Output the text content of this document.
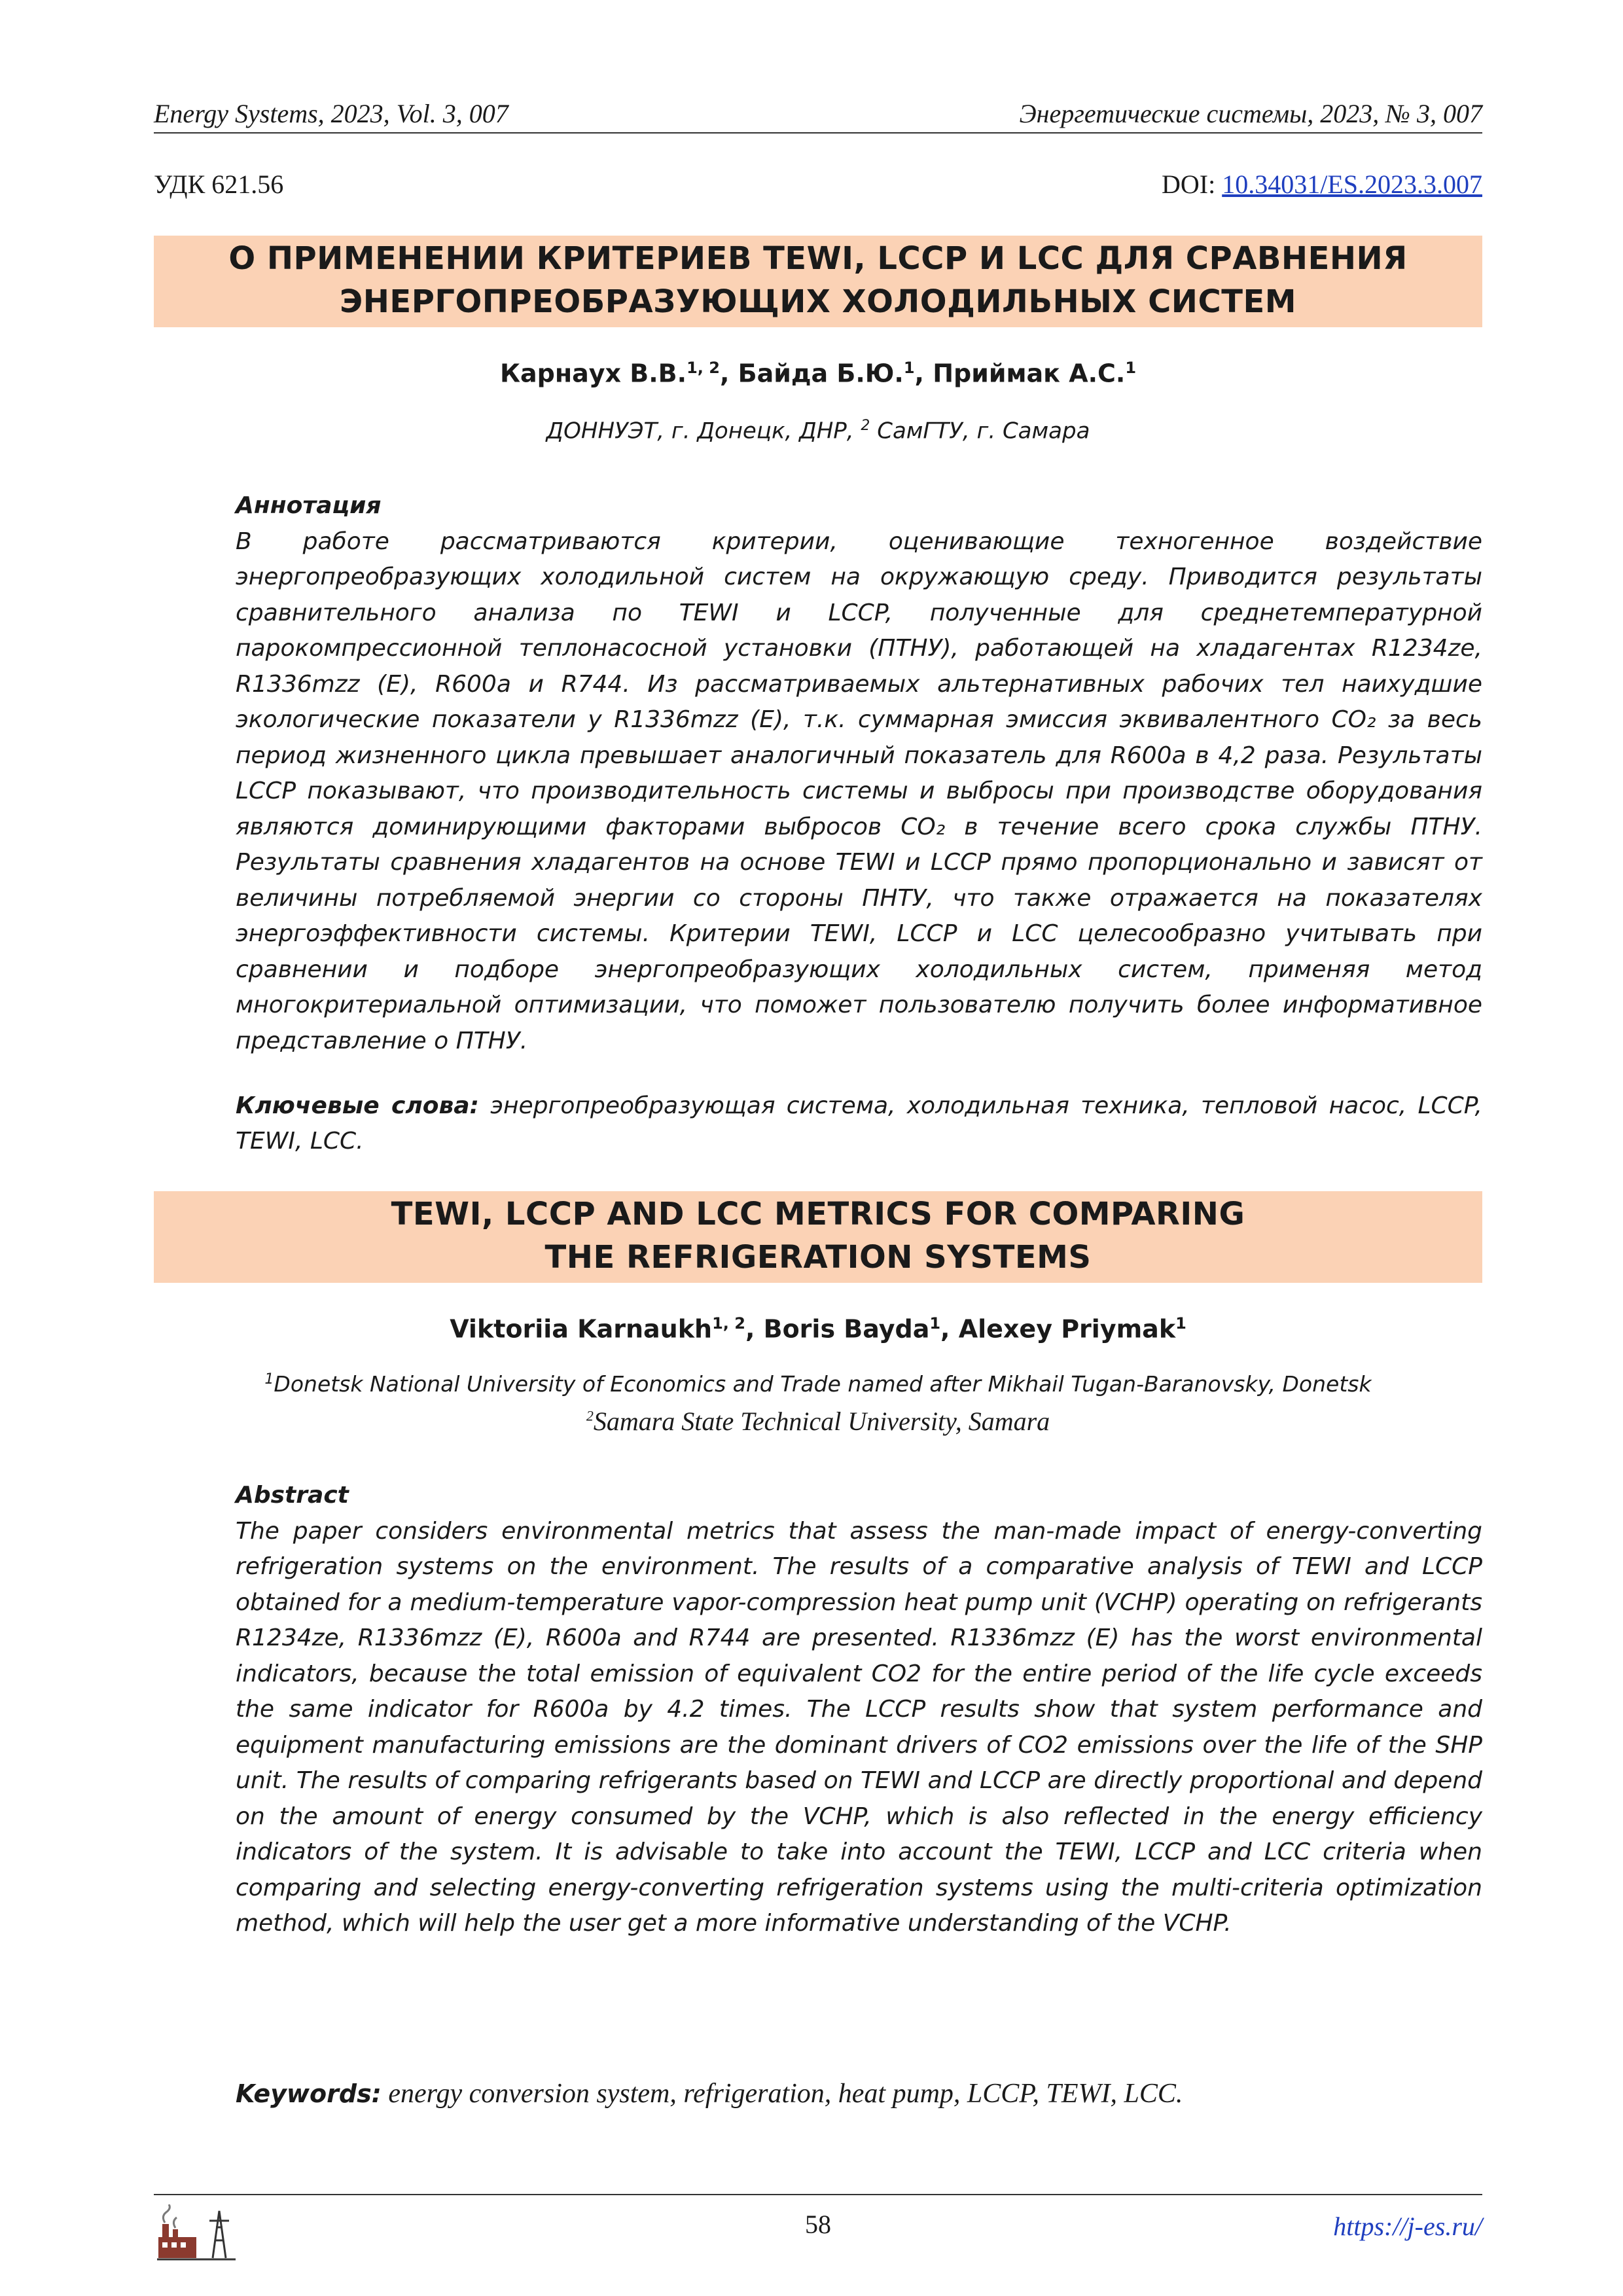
Energy Systems, 2023, Vol. 3, 007	Энергетические системы, 2023, № 3, 007
УДК 621.56	DOI: 10.34031/ES.2023.3.007
О ПРИМЕНЕНИИ КРИТЕРИЕВ TEWI, LCCP И LCC ДЛЯ СРАВНЕНИЯ
ЭНЕРГОПРЕОБРАЗУЮЩИХ ХОЛОДИЛЬНЫХ СИСТЕМ
Карнаух В.В.$^{1, 2}$, Байда Б.Ю.$^1$, Приймак А.С.$^1$
ДОННУЭТ, г. Донецк, ДНР, $^2$ СамГТУ, г. Самара
Аннотация
В работе рассматриваются критерии, оценивающие техногенное воздействие энергопреобразующих холодильной систем на окружающую среду. Приводится результаты сравнительного анализа по TEWI и LCCP, полученные для среднетемпературной парокомпрессионной теплонасосной установки (ПТНУ), работающей на хладагентах R1234ze, R1336mzz (E), R600a и R744. Из рассматриваемых альтернативных рабочих тел наихудшие экологические показатели у R1336mzz (E), т.к. суммарная эмиссия эквивалентного CO₂ за весь период жизненного цикла превышает аналогичный показатель для R600a в 4,2 раза. Результаты LCCP показывают, что производительность системы и выбросы при производстве оборудования являются доминирующими факторами выбросов CO₂ в течение всего срока службы ПТНУ. Результаты сравнения хладагентов на основе TEWI и LCCP прямо пропорционально и зависят от величины потребляемой энергии со стороны ПНТУ, что также отражается на показателях энергоэффективности системы. Критерии TEWI, LCCP и LCC целесообразно учитывать при сравнении и подборе энергопреобразующих холодильных систем, применяя метод многокритериальной оптимизации, что поможет пользователю получить более информативное представление о ПТНУ.
Ключевые слова: энергопреобразующая система, холодильная техника, тепловой насос, LCCP, TEWI, LCC.
TEWI, LCCP AND LCC METRICS FOR COMPARING
THE REFRIGERATION SYSTEMS
Viktoriia Karnaukh$^{1, 2}$, Boris Bayda$^1$, Alexey Priymak$^1$
$^1$Donetsk National University of Economics and Trade named after Mikhail Tugan-Baranovsky, Donetsk
$^2$Samara State Technical University, Samara
Abstract
The paper considers environmental metrics that assess the man-made impact of energy-converting refrigeration systems on the environment. The results of a comparative analysis of TEWI and LCCP obtained for a medium-temperature vapor-compression heat pump unit (VCHP) operating on refrigerants R1234ze, R1336mzz (E), R600a and R744 are presented. R1336mzz (E) has the worst environmental indicators, because the total emission of equivalent CO2 for the entire period of the life cycle exceeds the same indicator for R600a by 4.2 times. The LCCP results show that system performance and equipment manufacturing emissions are the dominant drivers of CO2 emissions over the life of the SHP unit. The results of comparing refrigerants based on TEWI and LCCP are directly proportional and depend on the amount of energy consumed by the VCHP, which is also reflected in the energy efficiency indicators of the system. It is advisable to take into account the TEWI, LCCP and LCC criteria when comparing and selecting energy-converting refrigeration systems using the multi-criteria optimization method, which will help the user get a more informative understanding of the VCHP.
Keywords: energy conversion system, refrigeration, heat pump, LCCP, TEWI, LCC.
58	https://j-es.ru/
